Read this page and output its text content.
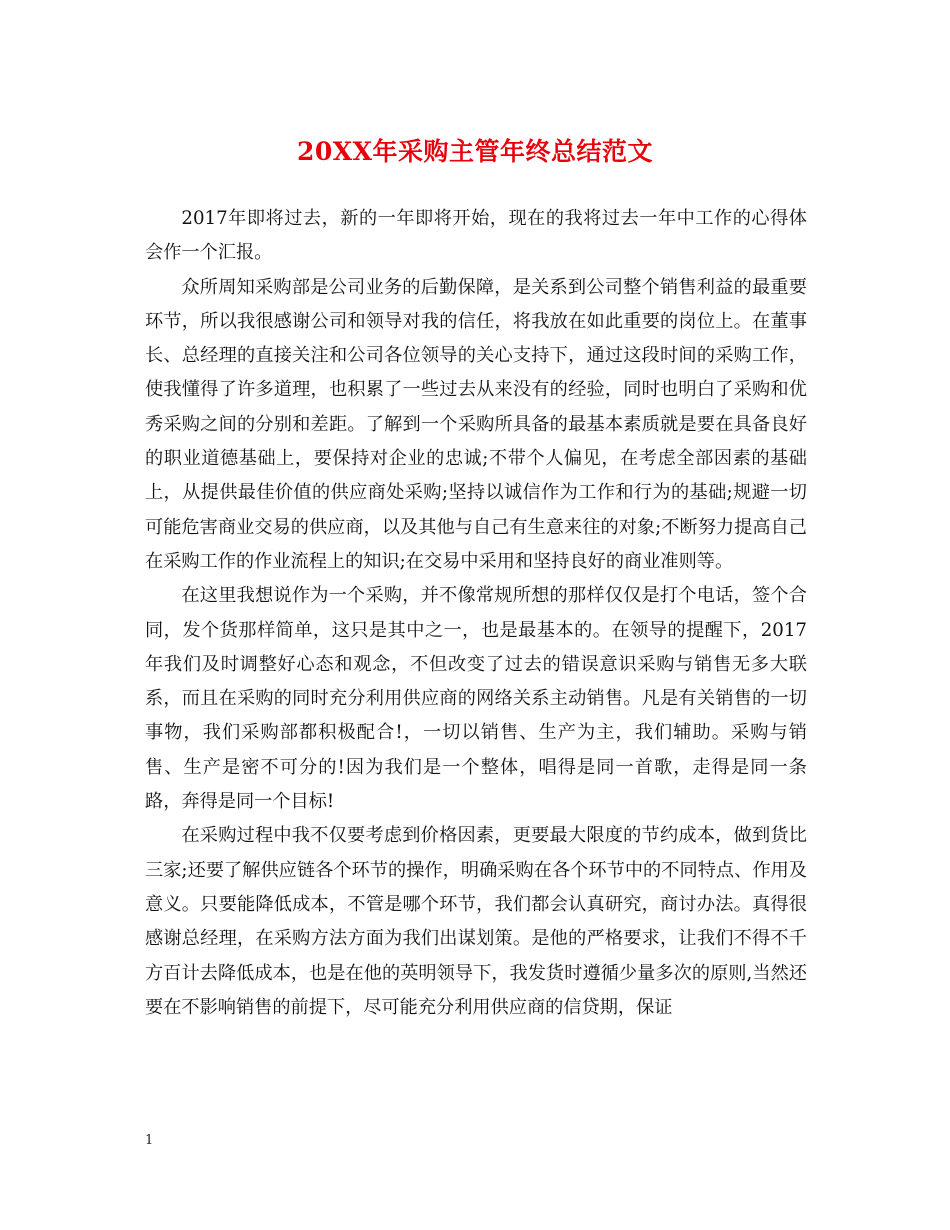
20XX年采购主管年终总结范文

2017年即将过去，新的一年即将开始，现在的我将过去一年中工作的心得体会作一个汇报。

众所周知采购部是公司业务的后勤保障，是关系到公司整个销售利益的最重要环节，所以我很感谢公司和领导对我的信任，将我放在如此重要的岗位上。在董事长、总经理的直接关注和公司各位领导的关心支持下，通过这段时间的采购工作，使我懂得了许多道理，也积累了一些过去从来没有的经验，同时也明白了采购和优秀采购之间的分别和差距。了解到一个采购所具备的最基本素质就是要在具备良好的职业道德基础上，要保持对企业的忠诚;不带个人偏见，在考虑全部因素的基础上，从提供最佳价值的供应商处采购;坚持以诚信作为工作和行为的基础;规避一切可能危害商业交易的供应商，以及其他与自己有生意来往的对象;不断努力提高自己在采购工作的作业流程上的知识;在交易中采用和坚持良好的商业准则等。

在这里我想说作为一个采购，并不像常规所想的那样仅仅是打个电话，签个合同，发个货那样简单，这只是其中之一，也是最基本的。在领导的提醒下，2017年我们及时调整好心态和观念，不但改变了过去的错误意识采购与销售无多大联系，而且在采购的同时充分利用供应商的网络关系主动销售。凡是有关销售的一切事物，我们采购部都积极配合!，一切以销售、生产为主，我们辅助。采购与销售、生产是密不可分的!因为我们是一个整体，唱得是同一首歌，走得是同一条路，奔得是同一个目标!

在采购过程中我不仅要考虑到价格因素，更要最大限度的节约成本，做到货比三家;还要了解供应链各个环节的操作，明确采购在各个环节中的不同特点、作用及意义。只要能降低成本，不管是哪个环节，我们都会认真研究，商讨办法。真得很感谢总经理，在采购方法方面为我们出谋划策。是他的严格要求，让我们不得不千方百计去降低成本，也是在他的英明领导下，我发货时遵循少量多次的原则,当然还要在不影响销售的前提下，尽可能充分利用供应商的信贷期，保证

1
